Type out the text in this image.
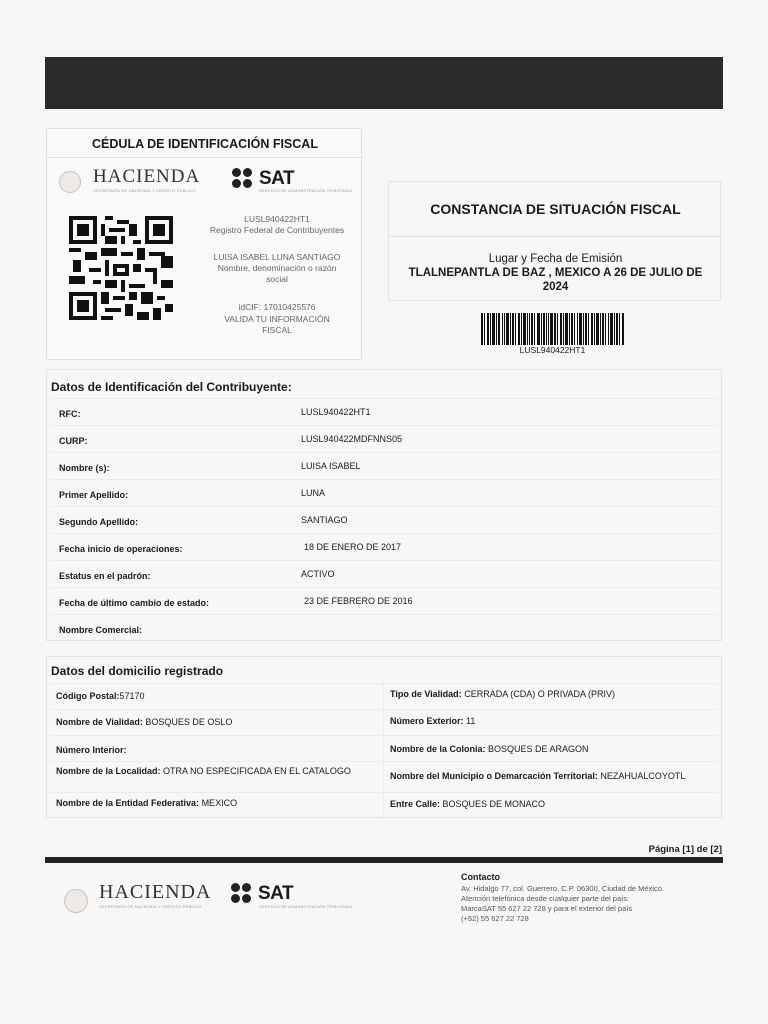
CÉDULA DE IDENTIFICACIÓN FISCAL
HACIENDA
SECRETARÍA DE HACIENDA Y CRÉDITO PÚBLICO
SAT
SERVICIO DE ADMINISTRACIÓN TRIBUTARIA
LUSL940422HT1
Registro Federal de Contribuyentes
LUISA ISABEL LUNA SANTIAGO
Nombre, denominación o razón
social
idCIF: 17010425576
VALIDA TU INFORMACIÓN
FISCAL
CONSTANCIA DE SITUACIÓN FISCAL
Lugar y Fecha de Emisión
TLALNEPANTLA DE BAZ , MEXICO A 26 DE JULIO DE
2024
LUSL940422HT1
Datos de Identificación del Contribuyente:
RFC:	LUSL940422HT1
CURP:	LUSL940422MDFNNS05
Nombre (s):	LUISA ISABEL
Primer Apellido:	LUNA
Segundo Apellido:	SANTIAGO
Fecha inicio de operaciones:	18 DE ENERO DE 2017
Estatus en el padrón:	ACTIVO
Fecha de último cambio de estado:	23 DE FEBRERO DE 2016
Nombre Comercial:
Datos del domicilio registrado
Código Postal:57170	Tipo de Vialidad: CERRADA (CDA) O PRIVADA (PRIV)
Nombre de Vialidad: BOSQUES DE OSLO	Número Exterior: 11
Número Interior:	Nombre de la Colonia: BOSQUES DE ARAGON
Nombre de la Localidad: OTRA NO ESPECIFICADA EN EL CATALOGO	Nombre del Municipio o Demarcación Territorial: NEZAHUALCOYOTL
Nombre de la Entidad Federativa: MEXICO	Entre Calle: BOSQUES DE MONACO
Página [1] de [2]
HACIENDA
SECRETARÍA DE HACIENDA Y CRÉDITO PÚBLICO
SAT
SERVICIO DE ADMINISTRACIÓN TRIBUTARIA
Contacto
Av. Hidalgo 77, col. Guerrero, C.P. 06300, Ciudad de México.
Atención telefónica desde cualquier parte del país:
MarcaSAT 55 627 22 728 y para el exterior del país
(+52) 55 627 22 728
